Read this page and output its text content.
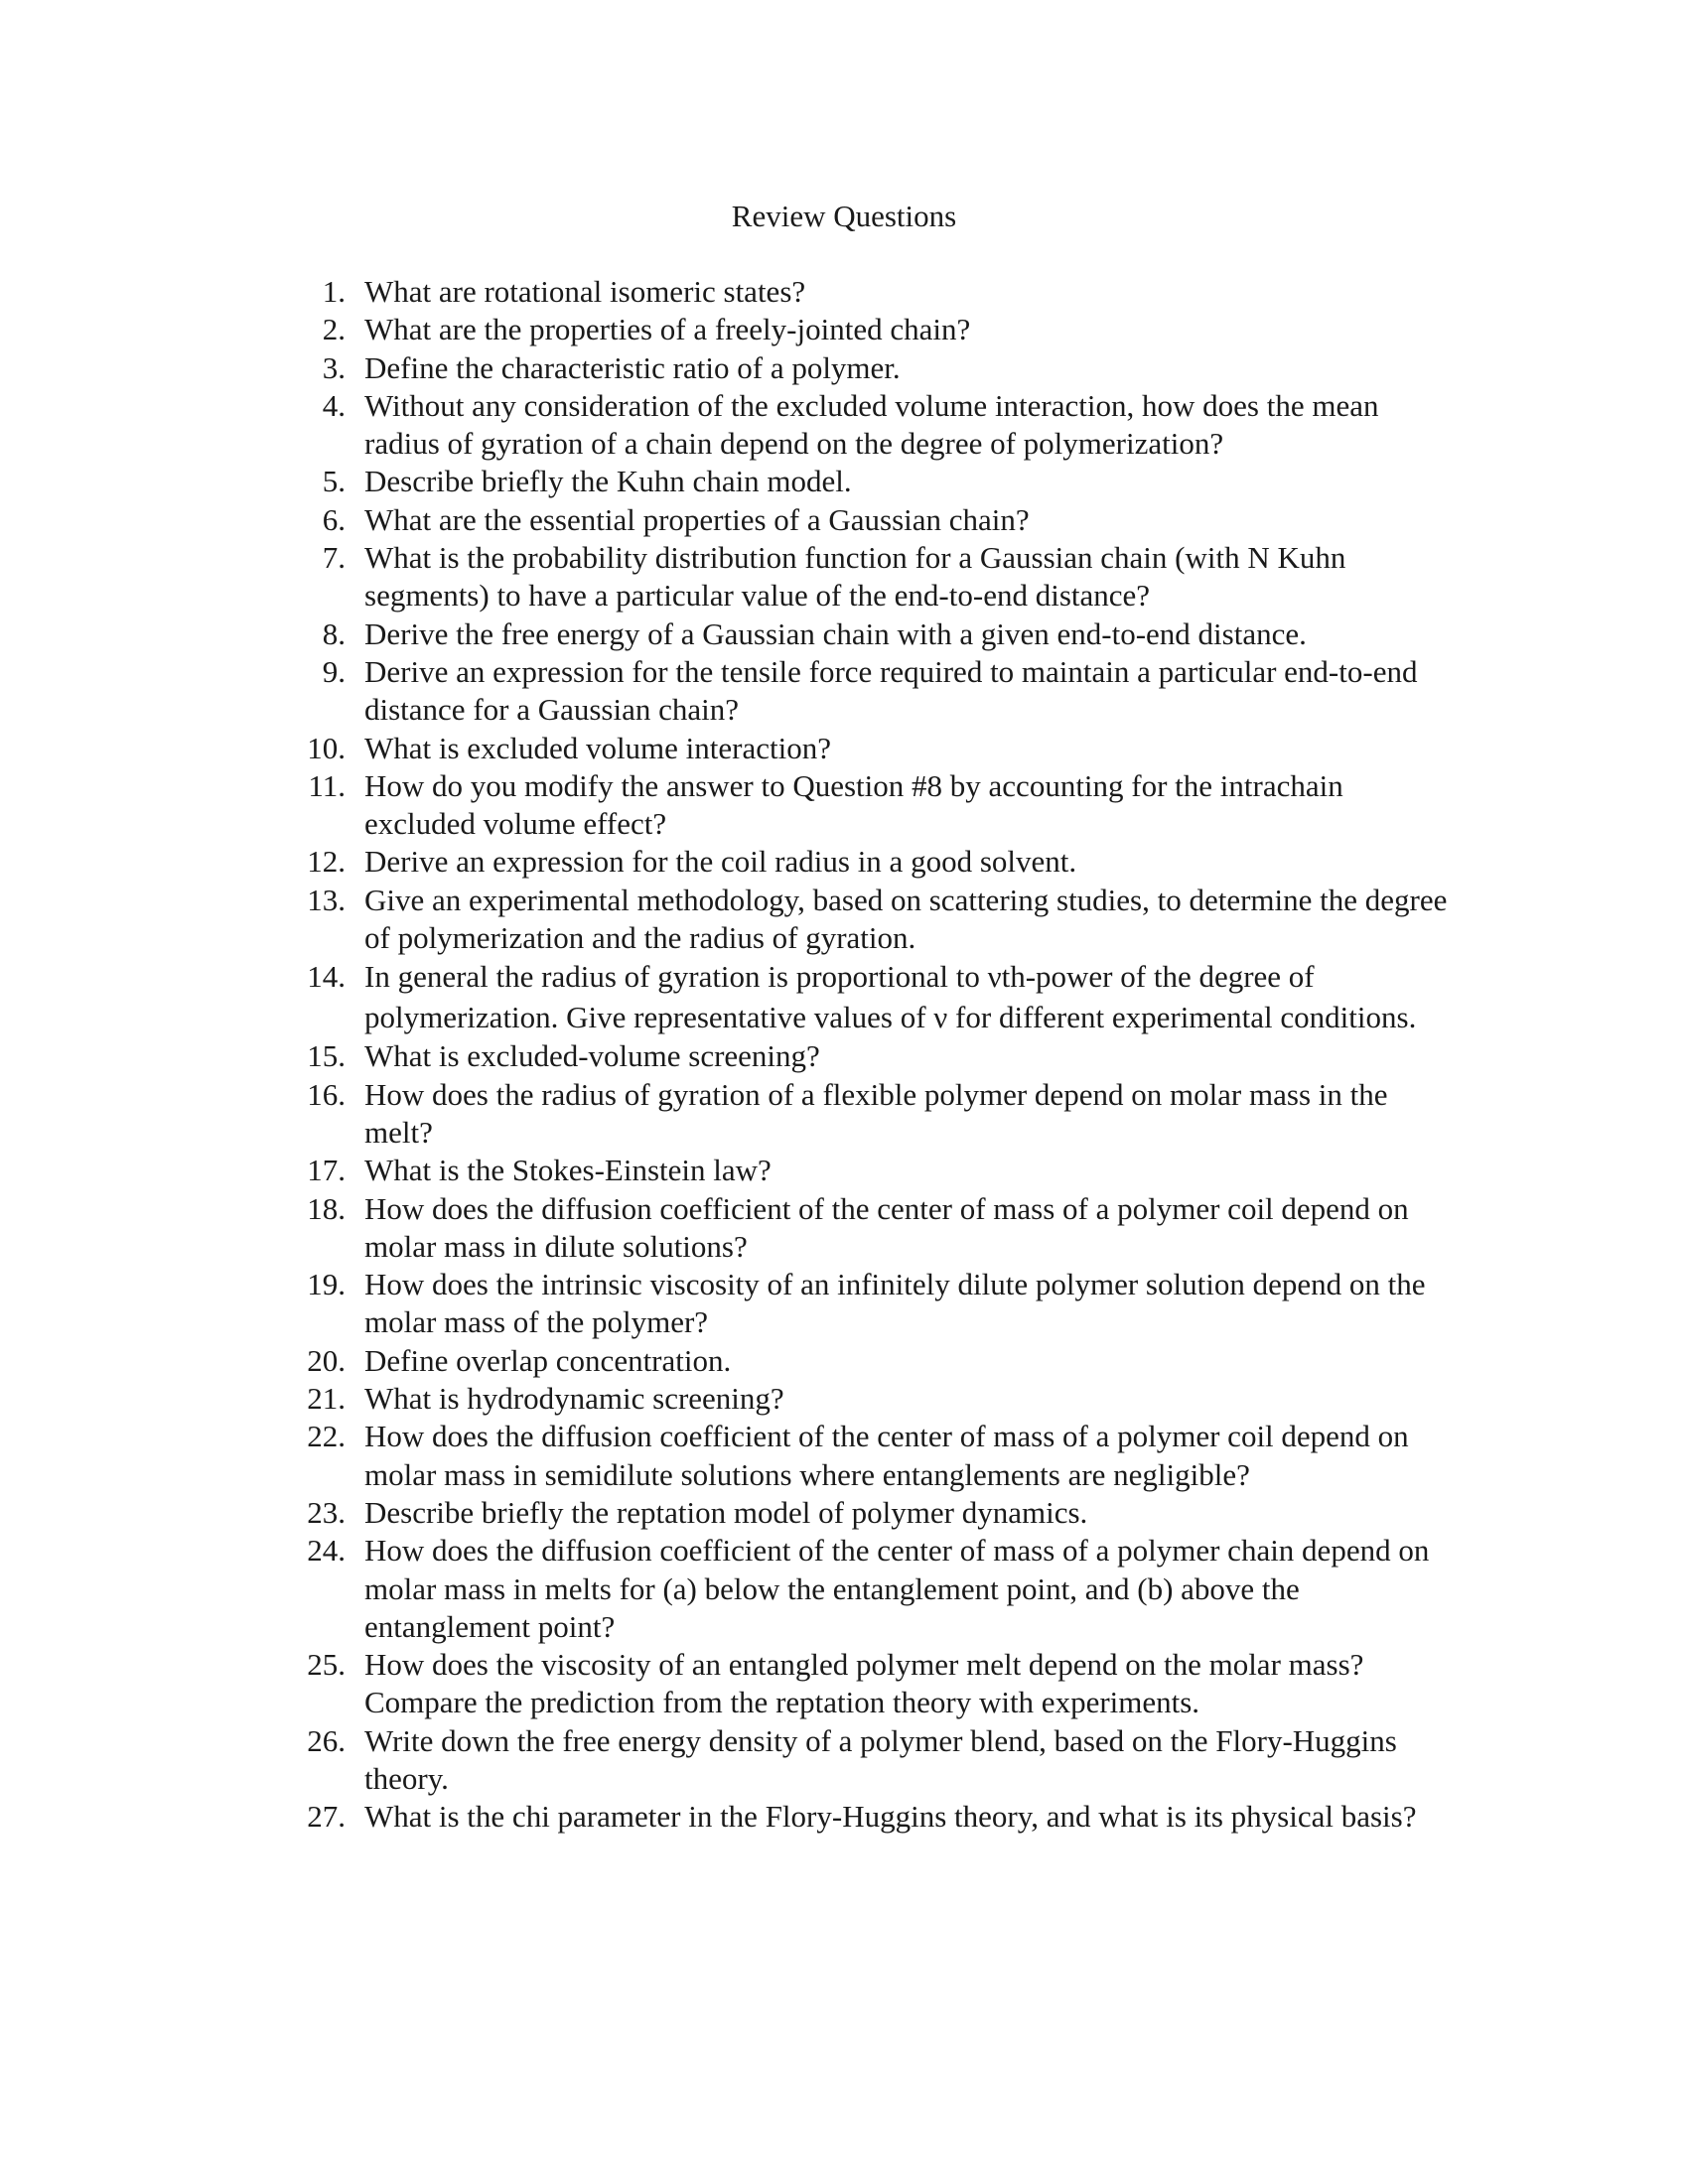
Review Questions
1. What are rotational isomeric states?
2. What are the properties of a freely-jointed chain?
3. Define the characteristic ratio of a polymer.
4. Without any consideration of the excluded volume interaction, how does the mean radius of gyration of a chain depend on the degree of polymerization?
5. Describe briefly the Kuhn chain model.
6. What are the essential properties of a Gaussian chain?
7. What is the probability distribution function for a Gaussian chain (with N Kuhn segments) to have a particular value of the end-to-end distance?
8. Derive the free energy of a Gaussian chain with a given end-to-end distance.
9. Derive an expression for the tensile force required to maintain a particular end-to-end distance for a Gaussian chain?
10. What is excluded volume interaction?
11. How do you modify the answer to Question #8 by accounting for the intrachain excluded volume effect?
12. Derive an expression for the coil radius in a good solvent.
13. Give an experimental methodology, based on scattering studies, to determine the degree of polymerization and the radius of gyration.
14. In general the radius of gyration is proportional to νth-power of the degree of polymerization. Give representative values of ν for different experimental conditions.
15. What is excluded-volume screening?
16. How does the radius of gyration of a flexible polymer depend on molar mass in the melt?
17. What is the Stokes-Einstein law?
18. How does the diffusion coefficient of the center of mass of a polymer coil depend on molar mass in dilute solutions?
19. How does the intrinsic viscosity of an infinitely dilute polymer solution depend on the molar mass of the polymer?
20. Define overlap concentration.
21. What is hydrodynamic screening?
22. How does the diffusion coefficient of the center of mass of a polymer coil depend on molar mass in semidilute solutions where entanglements are negligible?
23. Describe briefly the reptation model of polymer dynamics.
24. How does the diffusion coefficient of the center of mass of a polymer chain depend on molar mass in melts for (a) below the entanglement point, and (b) above the entanglement point?
25. How does the viscosity of an entangled polymer melt depend on the molar mass? Compare the prediction from the reptation theory with experiments.
26. Write down the free energy density of a polymer blend, based on the Flory-Huggins theory.
27. What is the chi parameter in the Flory-Huggins theory, and what is its physical basis?
